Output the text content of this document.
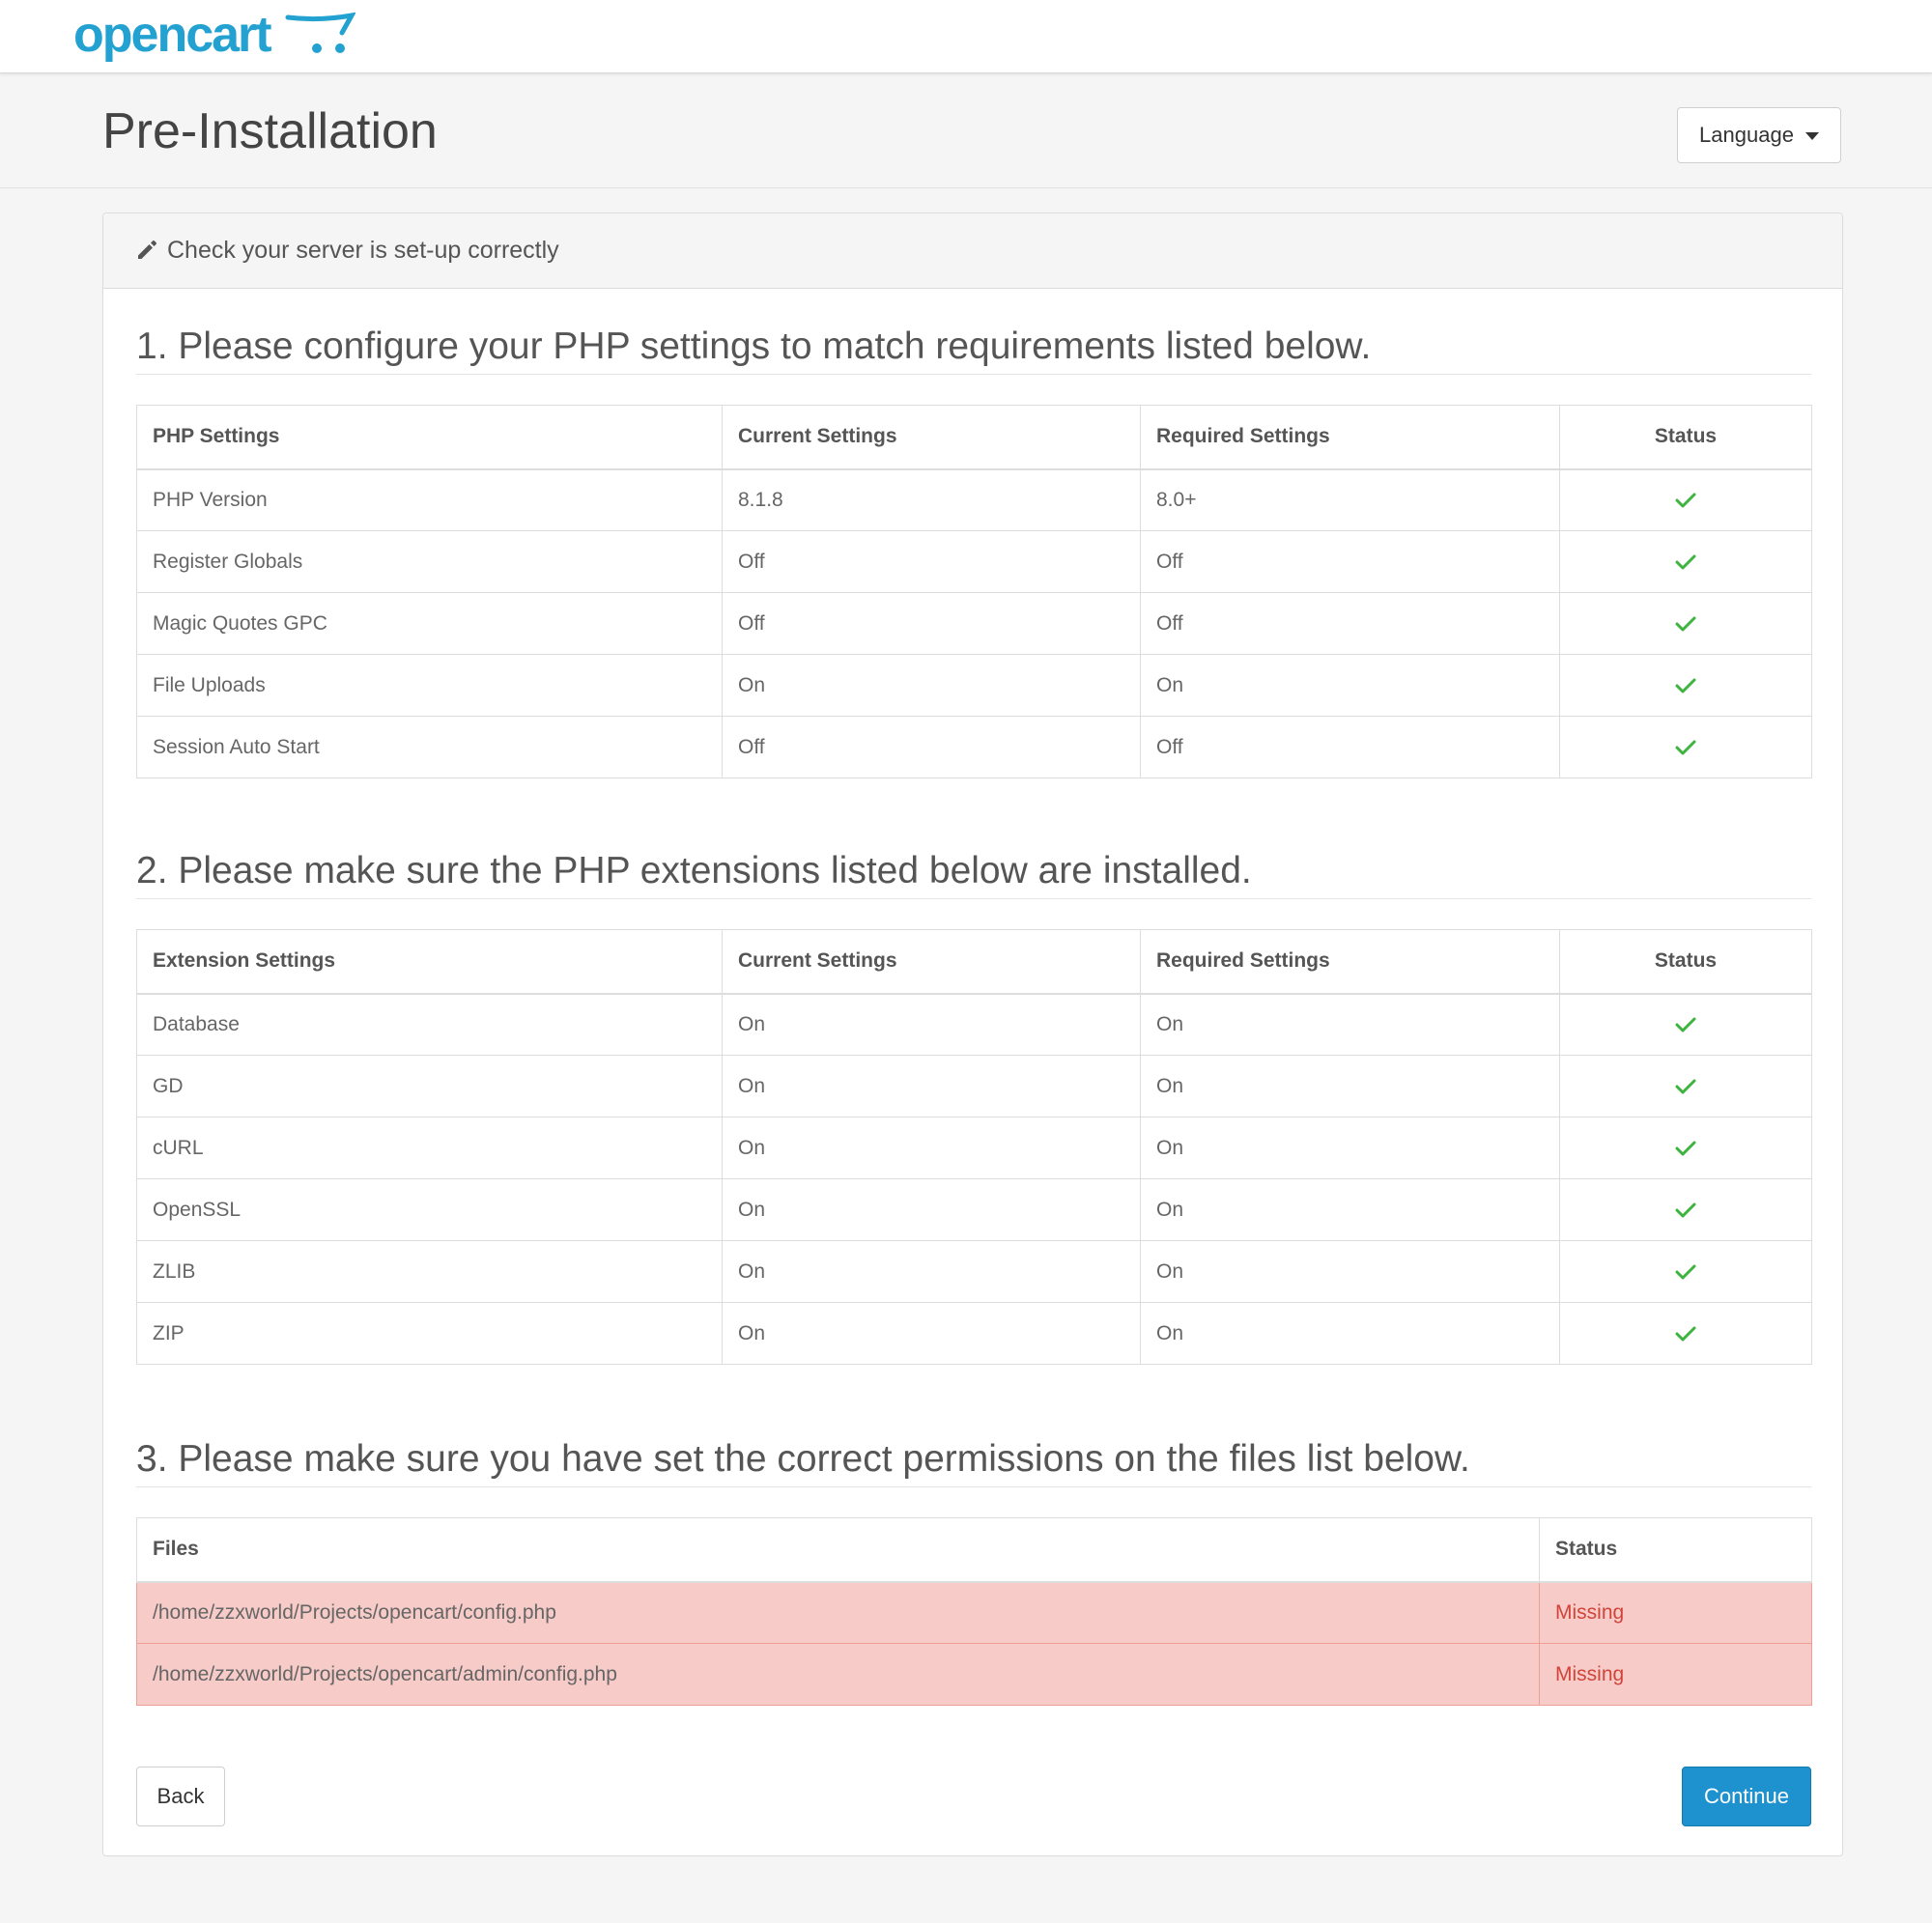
opencart
Pre-Installation	Language
Check your server is set-up correctly
1. Please configure your PHP settings to match requirements listed below.
PHP Settings	Current Settings	Required Settings	Status
PHP Version	8.1.8	8.0+	
Register Globals	Off	Off	
Magic Quotes GPC	Off	Off	
File Uploads	On	On	
Session Auto Start	Off	Off	
2. Please make sure the PHP extensions listed below are installed.
Extension Settings	Current Settings	Required Settings	Status
Database	On	On	
GD	On	On	
cURL	On	On	
OpenSSL	On	On	
ZLIB	On	On	
ZIP	On	On	
3. Please make sure you have set the correct permissions on the files list below.
Files	Status
/home/zzxworld/Projects/opencart/config.php	Missing
/home/zzxworld/Projects/opencart/admin/config.php	Missing
Back	Continue
